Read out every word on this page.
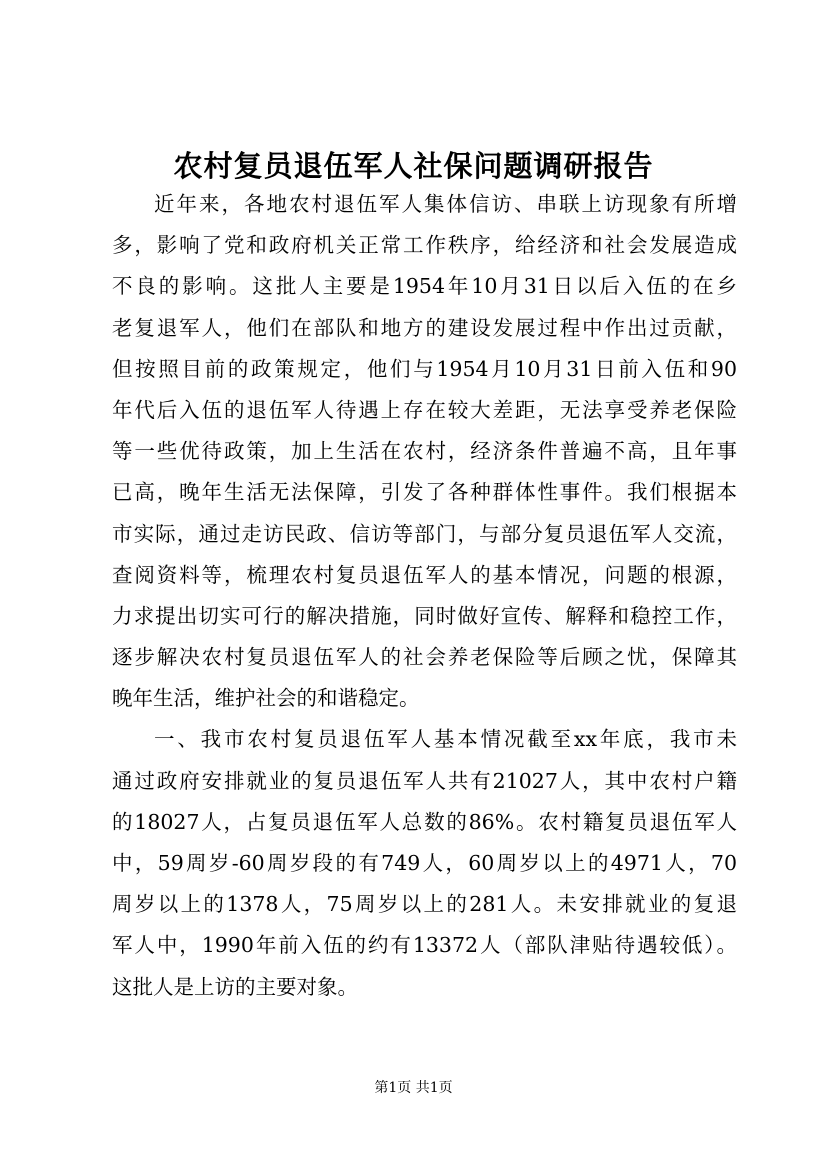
农村复员退伍军人社保问题调研报告
近年来，各地农村退伍军人集体信访、串联上访现象有所增
多，影响了党和政府机关正常工作秩序，给经济和社会发展造成
不良的影响。这批人主要是1954年10月31日以后入伍的在乡
老复退军人，他们在部队和地方的建设发展过程中作出过贡献，
但按照目前的政策规定，他们与1954月10月31日前入伍和90
年代后入伍的退伍军人待遇上存在较大差距，无法享受养老保险
等一些优待政策，加上生活在农村，经济条件普遍不高，且年事
已高，晚年生活无法保障，引发了各种群体性事件。我们根据本
市实际，通过走访民政、信访等部门，与部分复员退伍军人交流，
查阅资料等，梳理农村复员退伍军人的基本情况，问题的根源，
力求提出切实可行的解决措施，同时做好宣传、解释和稳控工作，
逐步解决农村复员退伍军人的社会养老保险等后顾之忧，保障其
晚年生活，维护社会的和谐稳定。
一、我市农村复员退伍军人基本情况截至xx年底，我市未
通过政府安排就业的复员退伍军人共有21027人，其中农村户籍
的18027人，占复员退伍军人总数的86%。农村籍复员退伍军人
中，59周岁-60周岁段的有749人，60周岁以上的4971人，70
周岁以上的1378人，75周岁以上的281人。未安排就业的复退
军人中，1990年前入伍的约有13372人（部队津贴待遇较低）。
这批人是上访的主要对象。
第1页 共1页
